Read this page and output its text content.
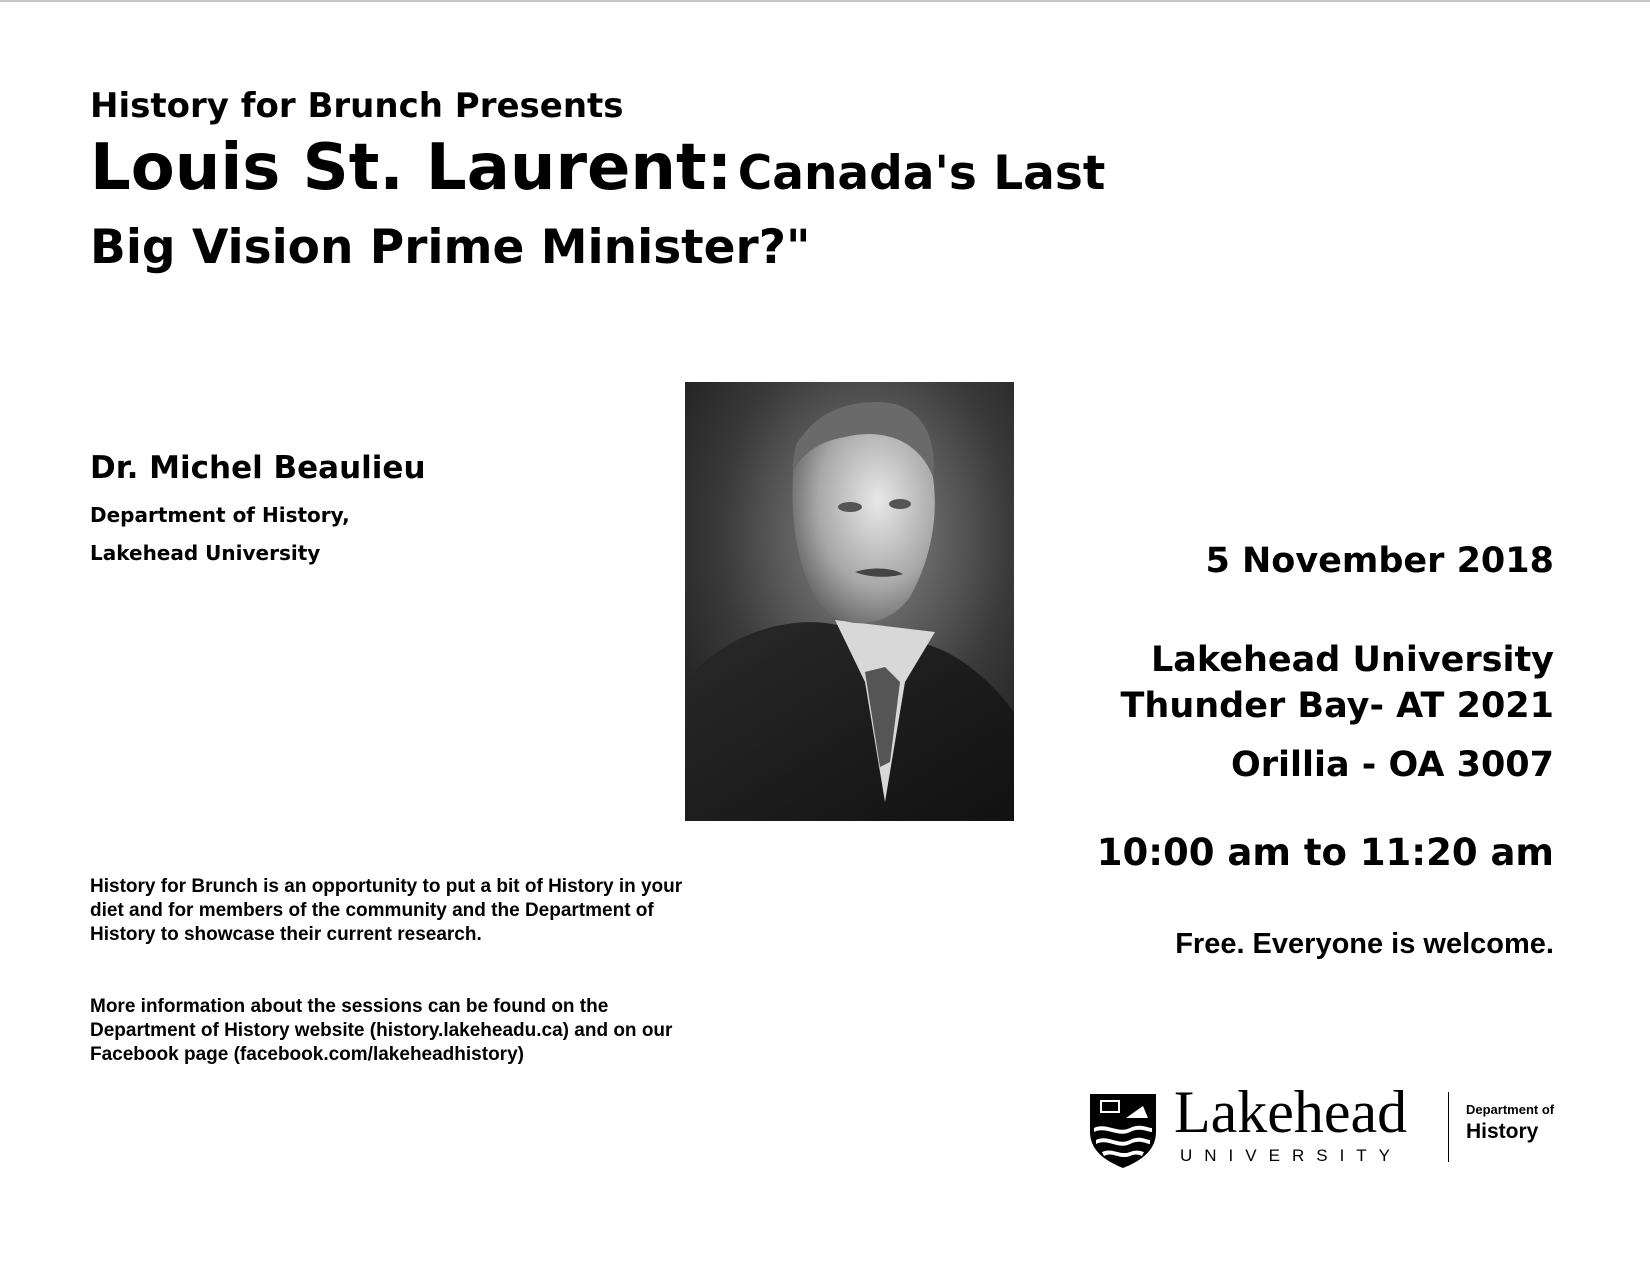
History for Brunch Presents
Louis St. Laurent: Canada's Last
Big Vision Prime Minister?"
Dr. Michel Beaulieu
Department of History,
Lakehead University	5 November 2018
Lakehead University
Thunder Bay- AT 2021
Orillia - OA 3007
10:00 am to 11:20 am
Free. Everyone is welcome.
History for Brunch is an opportunity to put a bit of History in your diet and for members of the community and the Department of History to showcase their current research.
More information about the sessions can be found on the Department of History website (history.lakeheadu.ca) and on our Facebook page (facebook.com/lakeheadhistory)
Lakehead
UNIVERSITY
Department of
History
